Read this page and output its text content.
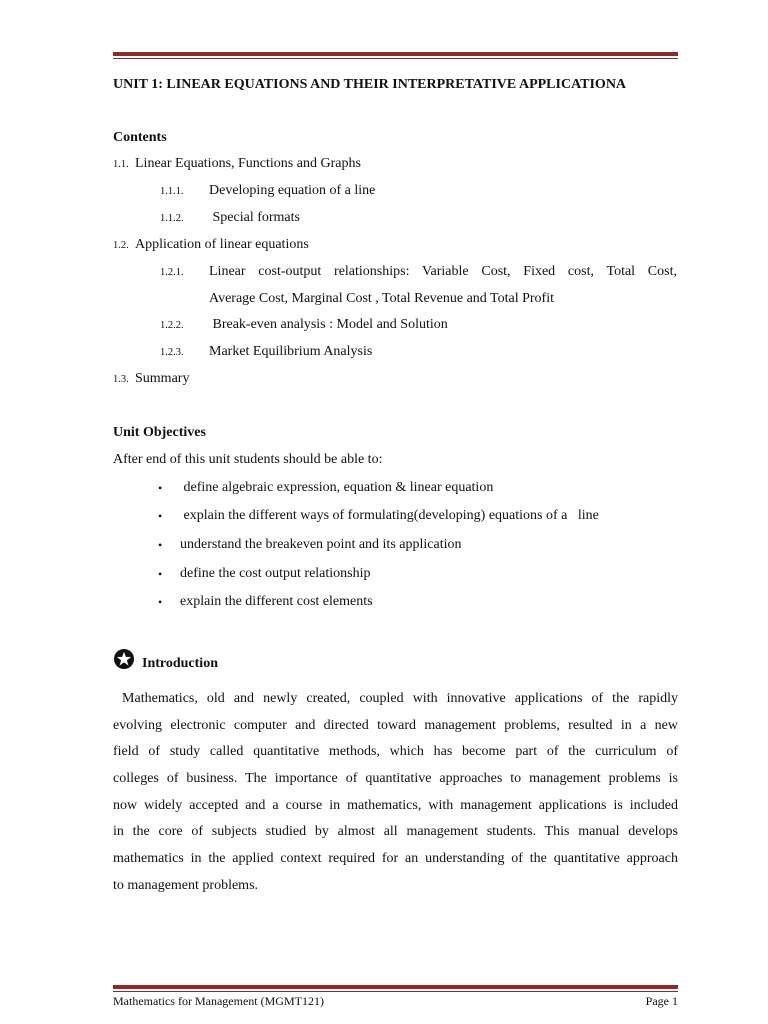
UNIT 1: LINEAR EQUATIONS AND THEIR INTERPRETATIVE APPLICATIONA
Contents
1.1. Linear Equations, Functions and Graphs
1.1.1. Developing equation of a line
1.1.2. Special formats
1.2. Application of linear equations
1.2.1. Linear cost-output relationships: Variable Cost, Fixed cost, Total Cost,
Average Cost, Marginal Cost , Total Revenue and Total Profit
1.2.2. Break-even analysis : Model and Solution
1.2.3. Market Equilibrium Analysis
1.3. Summary
Unit Objectives
After end of this unit students should be able to:
• define algebraic expression, equation & linear equation
• explain the different ways of formulating(developing) equations of a   line
• understand the breakeven point and its application
• define the cost output relationship
• explain the different cost elements
Introduction
Mathematics, old and newly created, coupled with innovative applications of the rapidly
evolving electronic computer and directed toward management problems, resulted in a new
field of study called quantitative methods, which has become part of the curriculum of
colleges of business. The importance of quantitative approaches to management problems is
now widely accepted and a course in mathematics, with management applications is included
in the core of subjects studied by almost all management students. This manual develops
mathematics in the applied context required for an understanding of the quantitative approach
to management problems.
Mathematics for Management (MGMT121)	Page 1
